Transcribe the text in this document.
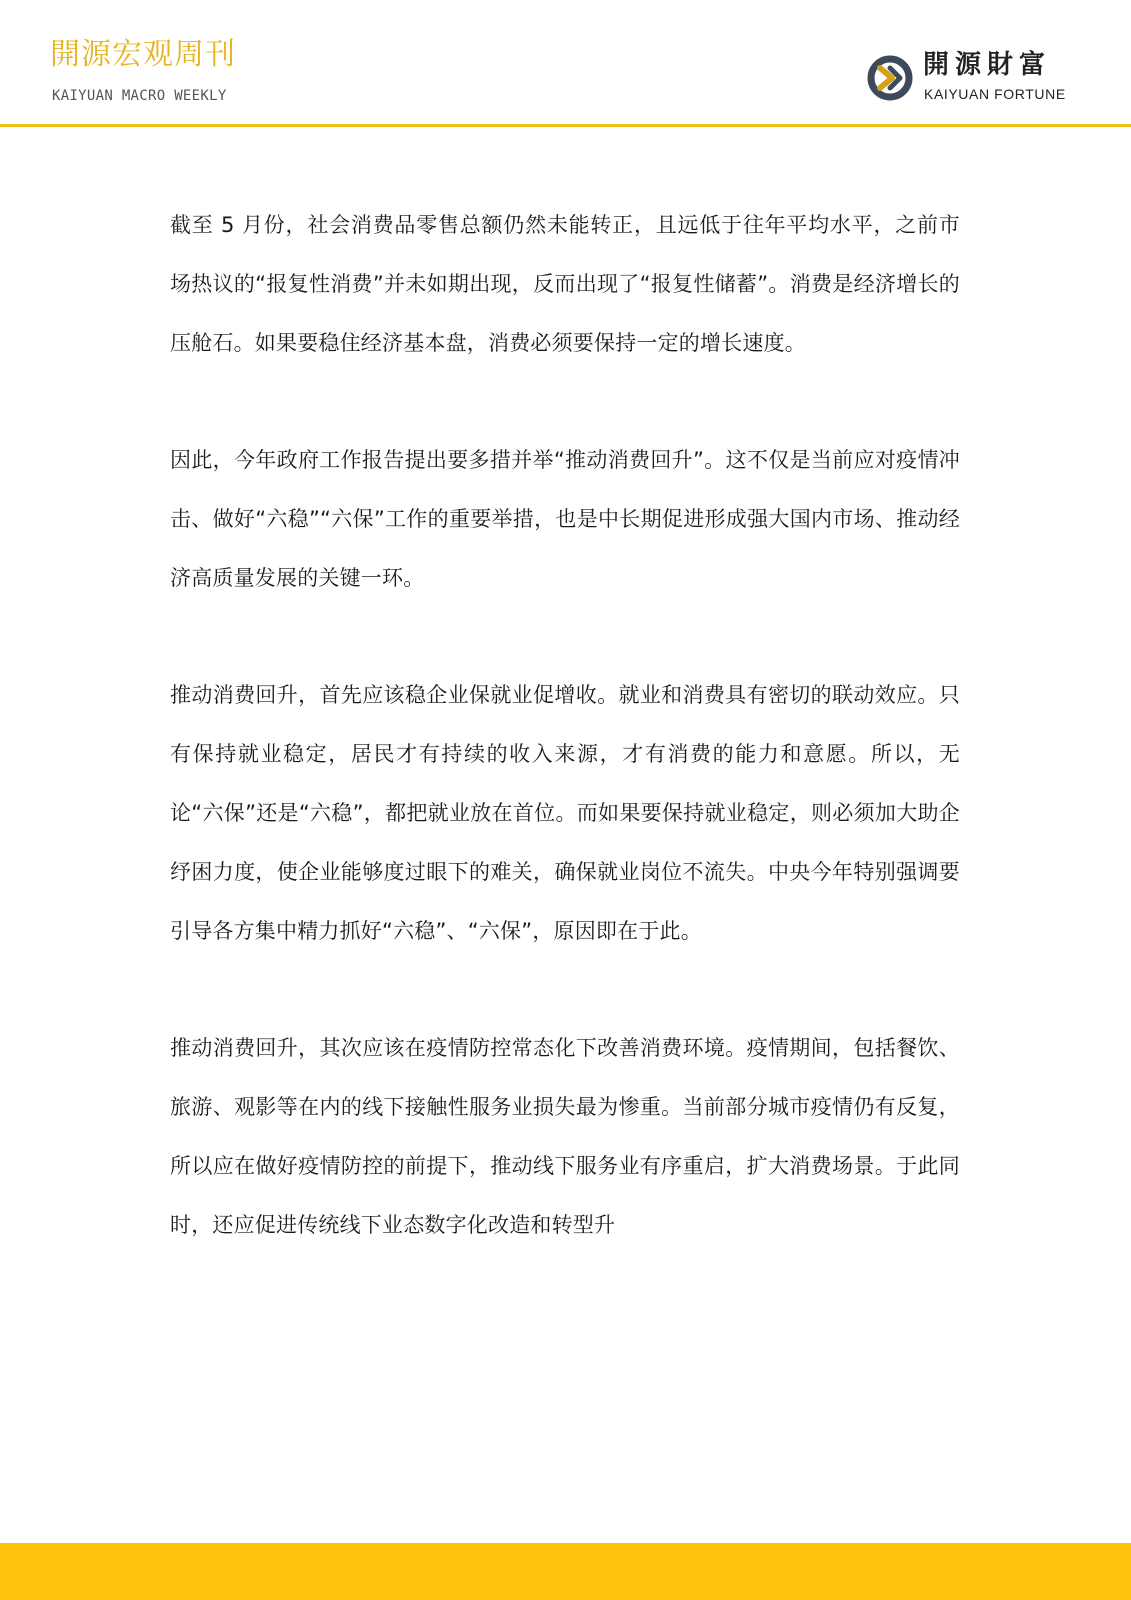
開源宏观周刊
KAIYUAN MACRO WEEKLY
開源財富
KAIYUAN FORTUNE

截至 5 月份，社会消费品零售总额仍然未能转正，且远低于往年平均水平，之前市场热议的“报复性消费”并未如期出现，反而出现了“报复性储蓄”。消费是经济增长的压舱石。如果要稳住经济基本盘，消费必须要保持一定的增长速度。

因此，今年政府工作报告提出要多措并举“推动消费回升”。这不仅是当前应对疫情冲击、做好“六稳”“六保”工作的重要举措，也是中长期促进形成强大国内市场、推动经济高质量发展的关键一环。

推动消费回升，首先应该稳企业保就业促增收。就业和消费具有密切的联动效应。只有保持就业稳定，居民才有持续的收入来源，才有消费的能力和意愿。所以，无论“六保”还是“六稳”，都把就业放在首位。而如果要保持就业稳定，则必须加大助企纾困力度，使企业能够度过眼下的难关，确保就业岗位不流失。中央今年特别强调要引导各方集中精力抓好“六稳”、“六保”，原因即在于此。

推动消费回升，其次应该在疫情防控常态化下改善消费环境。疫情期间，包括餐饮、旅游、观影等在内的线下接触性服务业损失最为惨重。当前部分城市疫情仍有反复，所以应在做好疫情防控的前提下，推动线下服务业有序重启，扩大消费场景。于此同时，还应促进传统线下业态数字化改造和转型升
